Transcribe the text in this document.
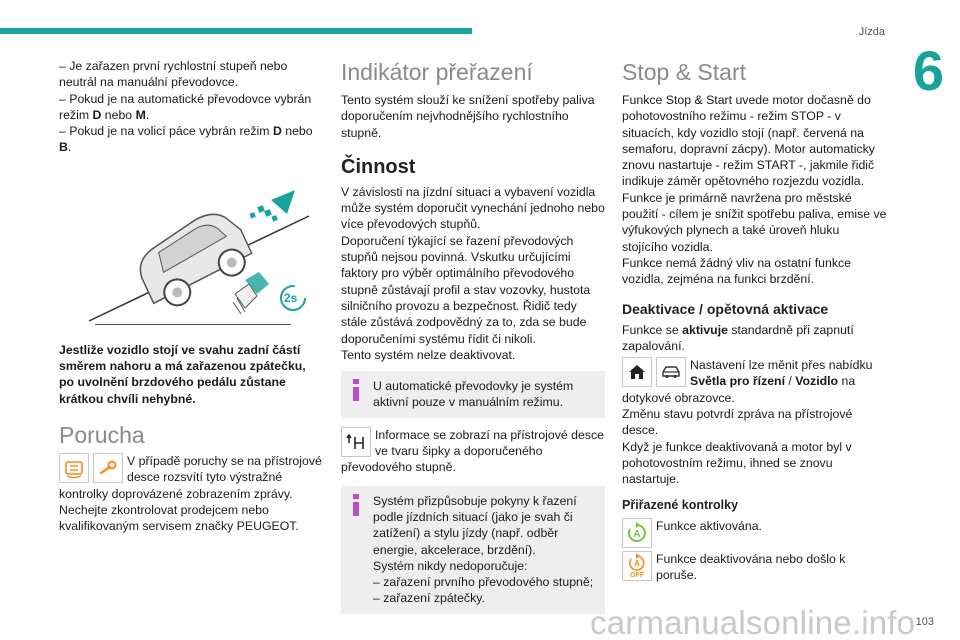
Jízda
6

– Je zařazen první rychlostní stupeň nebo neutrál na manuální převodovce.

– Pokud je na automatické převodovce vybrán režim D nebo M.

– Pokud je na volicí páce vybrán režim D nebo B.

2s

Jestliže vozidlo stojí ve svahu zadní částí směrem nahoru a má zařazenou zpátečku, po uvolnění brzdového pedálu zůstane krátkou chvíli nehybné.

Porucha

V případě poruchy se na přístrojové desce rozsvítí tyto výstražné kontrolky doprovázené zobrazením zprávy.

Nechejte zkontrolovat prodejcem nebo kvalifikovaným servisem značky PEUGEOT.

Indikátor přeřazení

Tento systém slouží ke snížení spotřeby paliva doporučením nejvhodnějšího rychlostního stupně.

Činnost

V závislosti na jízdní situaci a vybavení vozidla může systém doporučit vynechání jednoho nebo více převodových stupňů.

Doporučení týkající se řazení převodových stupňů nejsou povinná. Vskutku určujícími faktory pro výběr optimálního převodového stupně zůstávají profil a stav vozovky, hustota silničního provozu a bezpečnost. Řidič tedy stále zůstává zodpovědný za to, zda se bude doporučeními systému řídit či nikoli.

Tento systém nelze deaktivovat.

U automatické převodovky je systém aktivní pouze v manuálním režimu.

Informace se zobrazí na přístrojové desce ve tvaru šipky a doporučeného převodového stupně.

Systém přizpůsobuje pokyny k řazení podle jízdních situací (jako je svah či zatížení) a stylu jízdy (např. odběr energie, akcelerace, brzdění).

Systém nikdy nedoporučuje:

– zařazení prvního převodového stupně;

– zařazení zpátečky.

Stop & Start

Funkce Stop & Start uvede motor dočasně do pohotovostního režimu - režim STOP - v situacích, kdy vozidlo stojí (např. červená na semaforu, dopravní zácpy). Motor automaticky znovu nastartuje - režim START -, jakmile řidič indikuje záměr opětovného rozjezdu vozidla.

Funkce je primárně navržena pro městské použití - cílem je snížit spotřebu paliva, emise ve výfukových plynech a také úroveň hluku stojícího vozidla.

Funkce nemá žádný vliv na ostatní funkce vozidla, zejména na funkci brzdění.

Deaktivace / opětovná aktivace

Funkce se aktivuje standardně při zapnutí zapalování.

Nastavení lze měnit přes nabídku Světla pro řízení / Vozidlo na dotykové obrazovce.

Změnu stavu potvrdí zpráva na přístrojové desce.

Když je funkce deaktivovaná a motor byl v pohotovostním režimu, ihned se znovu nastartuje.

Přiřazené kontrolky
A

Funkce aktivována.

A
OFF

Funkce deaktivována nebo došlo k poruše.

carmanualsonline.info 103
